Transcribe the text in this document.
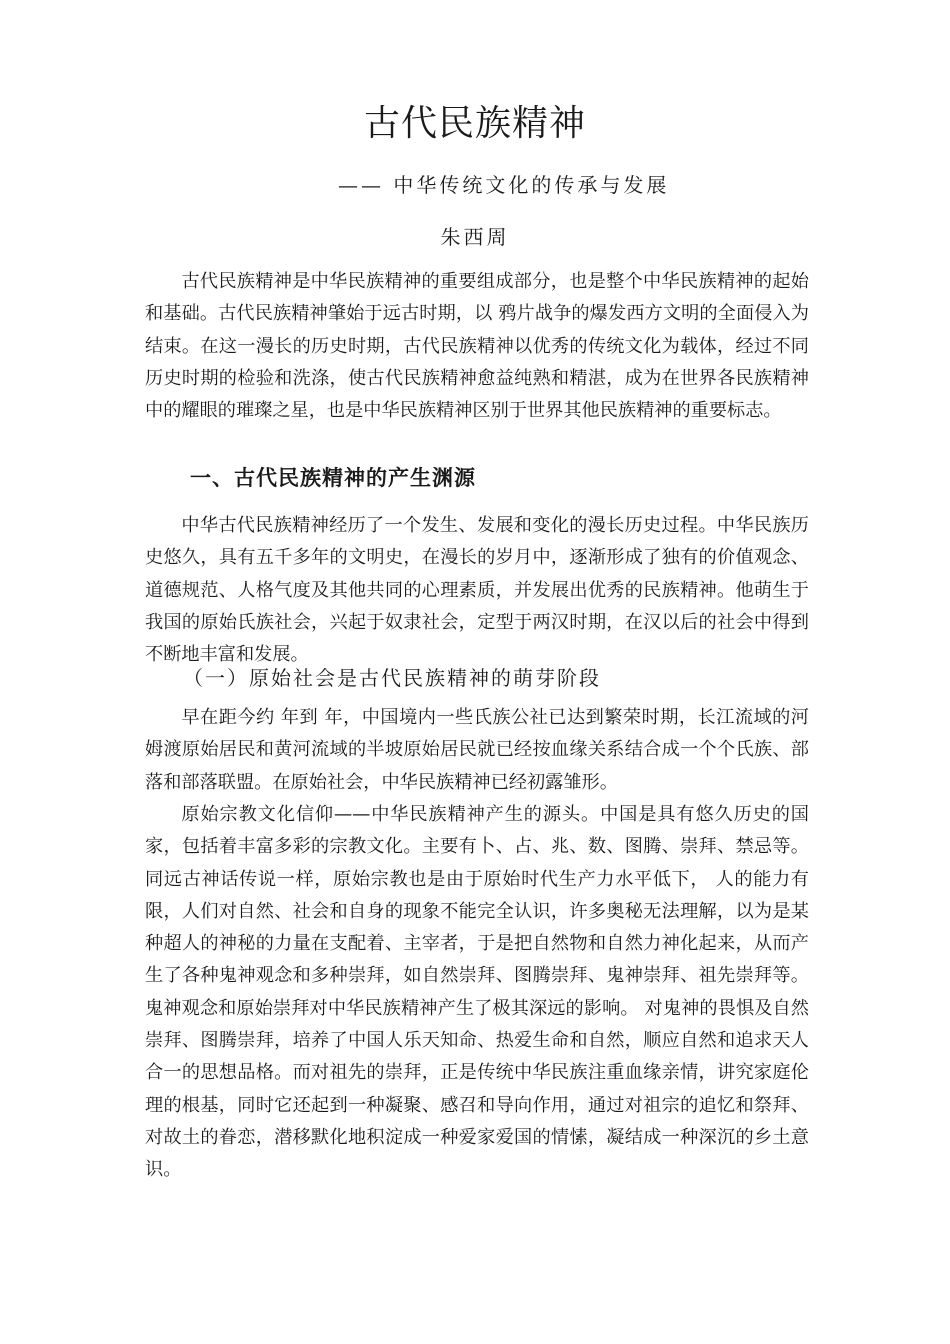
古代民族精神
—— 中华传统文化的传承与发展
朱西周

古代民族精神是中华民族精神的重要组成部分，也是整个中华民族精神的起始和基础。古代民族精神肇始于远古时期，以 鸦片战争的爆发西方文明的全面侵入为结束。在这一漫长的历史时期，古代民族精神以优秀的传统文化为载体，经过不同历史时期的检验和洗涤，使古代民族精神愈益纯熟和精湛，成为在世界各民族精神中的耀眼的璀璨之星，也是中华民族精神区别于世界其他民族精神的重要标志。

一、古代民族精神的产生渊源

中华古代民族精神经历了一个发生、发展和变化的漫长历史过程。中华民族历史悠久，具有五千多年的文明史，在漫长的岁月中，逐渐形成了独有的价值观念、道德规范、人格气度及其他共同的心理素质，并发展出优秀的民族精神。他萌生于我国的原始氏族社会，兴起于奴隶社会，定型于两汉时期，在汉以后的社会中得到不断地丰富和发展。

（一）原始社会是古代民族精神的萌芽阶段

早在距今约 年到 年，中国境内一些氏族公社已达到繁荣时期，长江流域的河姆渡原始居民和黄河流域的半坡原始居民就已经按血缘关系结合成一个个氏族、部落和部落联盟。在原始社会，中华民族精神已经初露雏形。

原始宗教文化信仰——中华民族精神产生的源头。中国是具有悠久历史的国家，包括着丰富多彩的宗教文化。主要有卜、占、兆、数、图腾、崇拜、禁忌等。同远古神话传说一样，原始宗教也是由于原始时代生产力水平低下， 人的能力有限，人们对自然、社会和自身的现象不能完全认识，许多奥秘无法理解，以为是某种超人的神秘的力量在支配着、主宰者，于是把自然物和自然力神化起来，从而产生了各种鬼神观念和多种崇拜，如自然崇拜、图腾崇拜、鬼神崇拜、祖先崇拜等。鬼神观念和原始崇拜对中华民族精神产生了极其深远的影响。 对鬼神的畏惧及自然崇拜、图腾崇拜，培养了中国人乐天知命、热爱生命和自然，顺应自然和追求天人合一的思想品格。而对祖先的崇拜，正是传统中华民族注重血缘亲情，讲究家庭伦理的根基，同时它还起到一种凝聚、感召和导向作用，通过对祖宗的追忆和祭拜、对故土的眷恋，潜移默化地积淀成一种爱家爱国的情愫，凝结成一种深沉的乡土意识。
